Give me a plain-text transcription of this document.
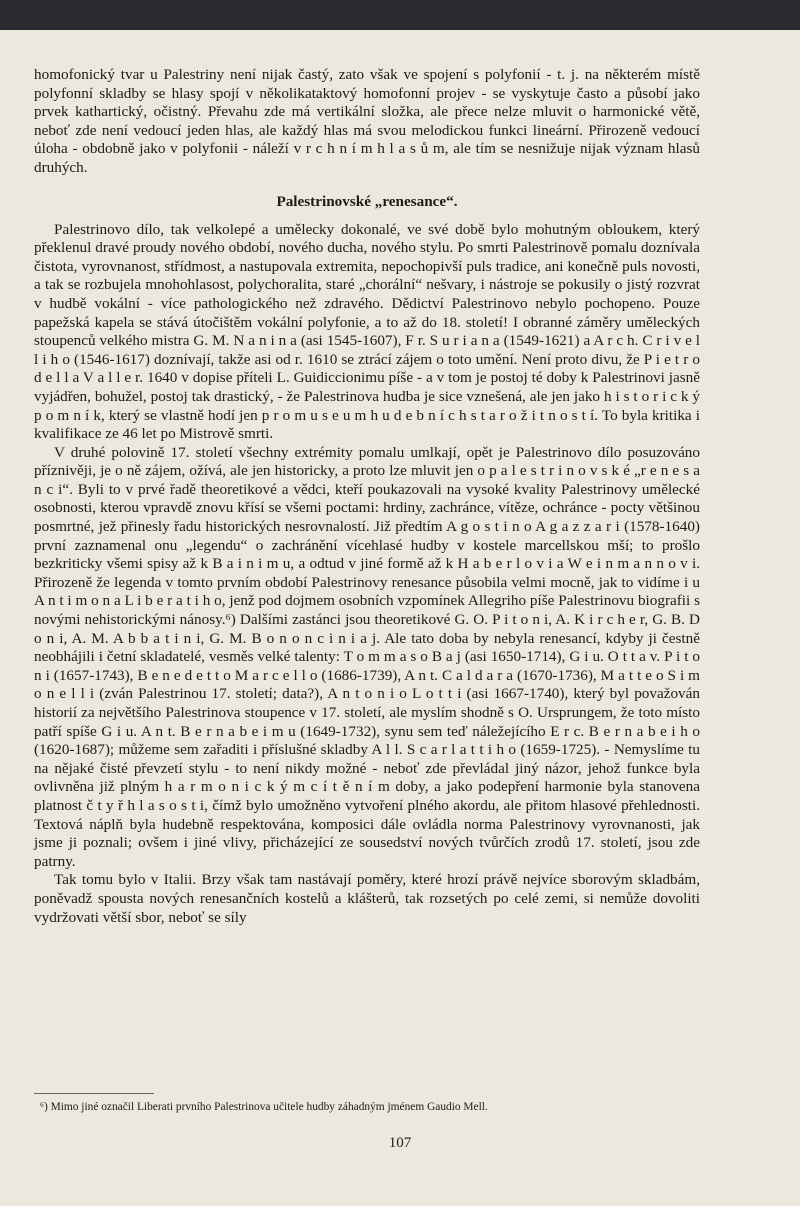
homofonický tvar u Palestriny není nijak častý, zato však ve spojení s polyfonií - t. j. na některém místě polyfonní skladby se hlasy spojí v několikataktový homofonní projev - se vyskytuje často a působí jako prvek kathartický, očistný. Převahu zde má vertikální složka, ale přece nelze mluvit o harmonické větě, neboť zde není vedoucí jeden hlas, ale každý hlas má svou melodickou funkci lineární. Přirozeně vedoucí úloha - obdobně jako v polyfonii - náleží v r c h n í m h l a s ů m, ale tím se nesnižuje nijak význam hlasů druhých.

Palestrinovské „renesance“.

Palestrinovo dílo, tak velkolepé a umělecky dokonalé, ve své době bylo mohutným obloukem, který překlenul dravé proudy nového období, nového ducha, nového stylu. Po smrti Palestrinově pomalu doznívala čistota, vyrovnanost, střídmost, a nastupovala extremita, nepochopivší puls tradice, ani konečně puls novosti, a tak se rozbujela mnohohlasost, polychoralita, staré „chorální“ nešvary, i nástroje se pokusily o jistý rozvrat v hudbě vokální - více pathologického než zdravého. Dědictví Palestrinovo nebylo pochopeno. Pouze papežská kapela se stává útočištěm vokální polyfonie, a to až do 18. století! I obranné záměry uměleckých stoupenců velkého mistra G. M. N a n i n a (asi 1545-1607), F r. S u r i a n a (1549-1621) a A r c h. C r i v e l l i h o (1546-1617) doznívají, takže asi od r. 1610 se ztrácí zájem o toto umění. Není proto divu, že P i e t r o d e l l a V a l l e r. 1640 v dopise příteli L. Guidiccionimu píše - a v tom je postoj té doby k Palestrinovi jasně vyjádřen, bohužel, postoj tak drastický, - že Palestrinova hudba je sice vznešená, ale jen jako h i s t o r i c k ý p o m n í k, který se vlastně hodí jen p r o m u s e u m h u d e b n í c h s t a r o ž i t n o s t í. To byla kritika i kvalifikace ze 46 let po Mistrově smrti.

V druhé polovině 17. století všechny extrémity pomalu umlkají, opět je Palestrinovo dílo posuzováno příznivěji, je o ně zájem, ožívá, ale jen historicky, a proto lze mluvit jen o p a l e s t r i n o v s k é „r e n e s a n c i“. Byli to v prvé řadě theoretikové a vědci, kteří poukazovali na vysoké kvality Palestrinovy umělecké osobnosti, kterou vpravdě znovu křísí se všemi poctami: hrdiny, zachránce, vítěze, ochránce - pocty většinou posmrtné, jež přinesly řadu historických nesrovnalostí. Již předtím A g o s t i n o A g a z z a r i (1578-1640) první zaznamenal onu „legendu“ o zachránění vícehlasé hudby v kostele marcellskou mší; to prošlo bezkriticky všemi spisy až k B a i n i m u, a odtud v jiné formě až k H a b e r l o v i a W e i n m a n n o v i. Přirozeně že legenda v tomto prvním období Palestrinovy renesance působila velmi mocně, jak to vidíme i u A n t i m o n a L i b e r a t i h o, jenž pod dojmem osobních vzpomínek Allegriho píše Palestrinovu biografii s novými nehistorickými nánosy.⁶) Dalšími zastánci jsou theoretikové G. O. P i t o n i, A. K i r c h e r, G. B. D o n i, A. M. A b b a t i n i, G. M. B o n o n c i n i a j. Ale tato doba by nebyla renesancí, kdyby ji čestně neobhájili i četní skladatelé, vesměs velké talenty: T o m m a s o B a j (asi 1650-1714), G i u. O t t a v. P i t o n i (1657-1743), B e n e d e t t o M a r c e l l o (1686-1739), A n t. C a l d a r a (1670-1736), M a t t e o S i m o n e l l i (zván Palestrinou 17. století; data?), A n t o n i o L o t t i (asi 1667-1740), který byl považován historií za největšího Palestrinova stoupence v 17. století, ale myslím shodně s O. Ursprungem, že toto místo patří spíše G i u. A n t. B e r n a b e i m u (1649-1732), synu sem teď náležejícího E r c. B e r n a b e i h o (1620-1687); můžeme sem zařaditi i příslušné skladby A l l. S c a r l a t t i h o (1659-1725). - Nemyslíme tu na nějaké čisté převzetí stylu - to není nikdy možné - neboť zde převládal jiný názor, jehož funkce byla ovlivněna již plným h a r m o n i c k ý m c í t ě n í m doby, a jako podepření harmonie byla stanovena platnost č t y ř h l a s o s t i, čímž bylo umožněno vytvoření plného akordu, ale přitom hlasové přehlednosti. Textová náplň byla hudebně respektována, komposici dále ovládla norma Palestrinovy vyrovnanosti, jak jsme ji poznali; ovšem i jiné vlivy, přicházející ze sousedství nových tvůrčích zrodů 17. století, jsou zde patrny.

Tak tomu bylo v Italii. Brzy však tam nastávají poměry, které hrozí právě nejvíce sborovým skladbám, poněvadž spousta nových renesančních kostelů a klášterů, tak rozsetých po celé zemi, si nemůže dovoliti vydržovati větší sbor, neboť se síly

⁶) Mimo jiné označil Liberati prvního Palestrinova učitele hudby záhadným jménem Gaudio Mell.
107
